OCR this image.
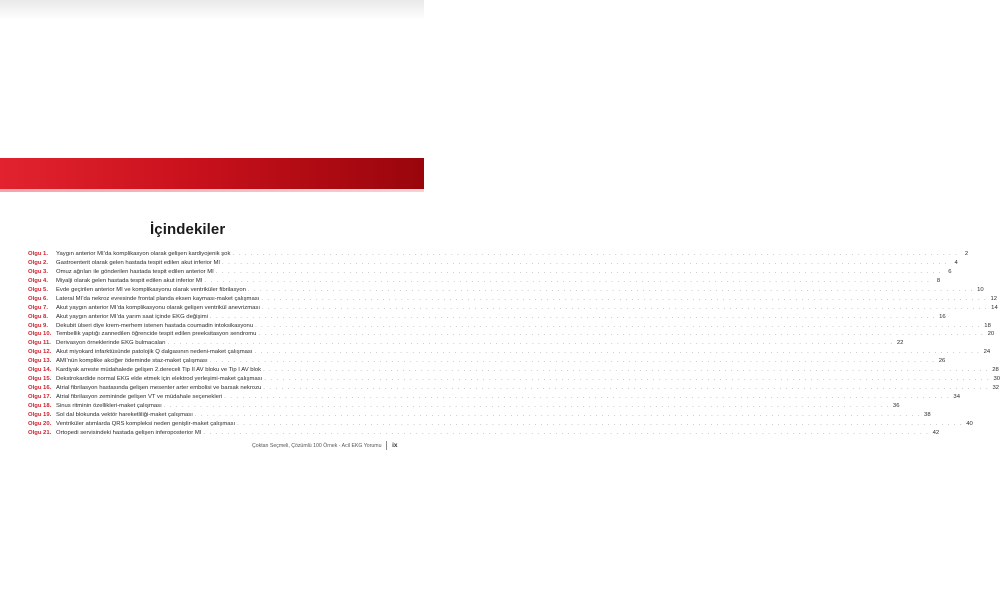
İçindekiler
Olgu 1.	Yaygın anterior MI’da komplikasyon olarak gelişen kardiyojenik şok . . . . . . . . . . . . . . . . . . . . . . . . . . . . . . . . . . . . . . . . . . . . . . . . . . . . . . . . . . . . . . . . . . . . . . . . . . . . . . . . . . . . . . . . . . . . . . . . . . . . . . . . . . . . . . . . . . . . . . . .	2
Olgu 2.	Gastroenterit olarak gelen hastada tespit edilen akut inferior MI . . . . . . . . . . . . . . . . . . . . . . . . . . . . . . . . . . . . . . . . . . . . . . . . . . . . . . . . . . . . . . . . . . . . . . . . . . . . . . . . . . . . . . . . . . . . . . . . . . . . . . . . . . . . . . . . . . . . . . . .	4
Olgu 3.	Omuz ağrıları ile gönderilen hastada tespit edilen anterior MI . . . . . . . . . . . . . . . . . . . . . . . . . . . . . . . . . . . . . . . . . . . . . . . . . . . . . . . . . . . . . . . . . . . . . . . . . . . . . . . . . . . . . . . . . . . . . . . . . . . . . . . . . . . . . . . . . . . . . . . .	6
Olgu 4.	Miyalji olarak gelen hastada tespit edilen akut inferior MI . . . . . . . . . . . . . . . . . . . . . . . . . . . . . . . . . . . . . . . . . . . . . . . . . . . . . . . . . . . . . . . . . . . . . . . . . . . . . . . . . . . . . . . . . . . . . . . . . . . . . . . . . . . . . . . . . . . . . . . .	8
Olgu 5.	Evde geçirilen anterior MI ve komplikasyonu olarak ventriküler fibrilasyon . . . . . . . . . . . . . . . . . . . . . . . . . . . . . . . . . . . . . . . . . . . . . . . . . . . . . . . . . . . . . . . . . . . . . . . . . . . . . . . . . . . . . . . . . . . . . . . . . . . . . . . . . . . . . . . . . . . . . . . . 10
Olgu 6.	Lateral MI’da nekroz evresinde frontal planda eksen kayması-maket çalışması . . . . . . . . . . . . . . . . . . . . . . . . . . . . . . . . . . . . . . . . . . . . . . . . . . . . . . . . . . . . . . . . . . . . . . . . . . . . . . . . . . . . . . . . . . . . . . . . . . . . . . . . . . . . . . . . . . . . . . . . 12
Olgu 7.	Akut yaygın anterior MI’da komplikasyonu olarak gelişen ventrikül anevrizması . . . . . . . . . . . . . . . . . . . . . . . . . . . . . . . . . . . . . . . . . . . . . . . . . . . . . . . . . . . . . . . . . . . . . . . . . . . . . . . . . . . . . . . . . . . . . . . . . . . . . . . . . . . . . . . . . . . . . . . . 14
Olgu 8.	Akut yaygın anterior MI’da yarım saat içinde EKG değişimi . . . . . . . . . . . . . . . . . . . . . . . . . . . . . . . . . . . . . . . . . . . . . . . . . . . . . . . . . . . . . . . . . . . . . . . . . . . . . . . . . . . . . . . . . . . . . . . . . . . . . . . . . . . . . . . . . . . . . . . . 16
Olgu 9.	Dekubit ülseri diye krem-merhem istenen hastada coumadin intoksikasyonu . . . . . . . . . . . . . . . . . . . . . . . . . . . . . . . . . . . . . . . . . . . . . . . . . . . . . . . . . . . . . . . . . . . . . . . . . . . . . . . . . . . . . . . . . . . . . . . . . . . . . . . . . . . . . . . . . . . . . . . . 18
Olgu 10. Tembellik yaptığı zannedilen öğrencide tespit edilen preeksitasyon sendromu . . . . . . . . . . . . . . . . . . . . . . . . . . . . . . . . . . . . . . . . . . . . . . . . . . . . . . . . . . . . . . . . . . . . . . . . . . . . . . . . . . . . . . . . . . . . . . . . . . . . . . . . . . . . . . . . . . . . . . . . 20
Olgu 11. Derivasyon örneklerinde EKG bulmacaları . . . . . . . . . . . . . . . . . . . . . . . . . . . . . . . . . . . . . . . . . . . . . . . . . . . . . . . . . . . . . . . . . . . . . . . . . . . . . . . . . . . . . . . . . . . . . . . . . . . . . . . . . . . . . . . . . . . . . . . . 22
Olgu 12. Akut miyokard infarktüsünde patolojik Q dalgasının nedeni-maket çalışması . . . . . . . . . . . . . . . . . . . . . . . . . . . . . . . . . . . . . . . . . . . . . . . . . . . . . . . . . . . . . . . . . . . . . . . . . . . . . . . . . . . . . . . . . . . . . . . . . . . . . . . . . . . . . . . . . . . . . . . . 24
Olgu 13. AMI’nün komplike akciğer ödeminde staz-maket çalışması . . . . . . . . . . . . . . . . . . . . . . . . . . . . . . . . . . . . . . . . . . . . . . . . . . . . . . . . . . . . . . . . . . . . . . . . . . . . . . . . . . . . . . . . . . . . . . . . . . . . . . . . . . . . . . . . . . . . . . . . 26
Olgu 14. Kardiyak arreste müdahalede gelişen 2.dereceli Tip II AV bloku ve Tip I AV blok . . . . . . . . . . . . . . . . . . . . . . . . . . . . . . . . . . . . . . . . . . . . . . . . . . . . . . . . . . . . . . . . . . . . . . . . . . . . . . . . . . . . . . . . . . . . . . . . . . . . . . . . . . . . . . . . . . . . . . . . 28
Olgu 15. Dekstrokardide normal EKG elde etmek için elektrod yerleşimi-maket çalışması . . . . . . . . . . . . . . . . . . . . . . . . . . . . . . . . . . . . . . . . . . . . . . . . . . . . . . . . . . . . . . . . . . . . . . . . . . . . . . . . . . . . . . . . . . . . . . . . . . . . . . . . . . . . . . . . . . . . . . . . 30
Olgu 16. Atrial fibrilasyon hastasında gelişen mesenter arter embolisi ve barsak nekrozu . . . . . . . . . . . . . . . . . . . . . . . . . . . . . . . . . . . . . . . . . . . . . . . . . . . . . . . . . . . . . . . . . . . . . . . . . . . . . . . . . . . . . . . . . . . . . . . . . . . . . . . . . . . . . . . . . . . . . . . . 32
Olgu 17. Atrial fibrilasyon zemininde gelişen VT ve müdahale seçenekleri . . . . . . . . . . . . . . . . . . . . . . . . . . . . . . . . . . . . . . . . . . . . . . . . . . . . . . . . . . . . . . . . . . . . . . . . . . . . . . . . . . . . . . . . . . . . . . . . . . . . . . . . . . . . . . . . . . . . . . . . 34
Olgu 18. Sinus ritminin özellikleri-maket çalışması . . . . . . . . . . . . . . . . . . . . . . . . . . . . . . . . . . . . . . . . . . . . . . . . . . . . . . . . . . . . . . . . . . . . . . . . . . . . . . . . . . . . . . . . . . . . . . . . . . . . . . . . . . . . . . . . . . . . . . . . 36
Olgu 19. Sol dal blokunda vektör hareketliliği-maket çalışması . . . . . . . . . . . . . . . . . . . . . . . . . . . . . . . . . . . . . . . . . . . . . . . . . . . . . . . . . . . . . . . . . . . . . . . . . . . . . . . . . . . . . . . . . . . . . . . . . . . . . . . . . . . . . . . . . . . . . . . . 38
Olgu 20. Ventriküler atımlarda QRS kompleksi neden genişlir-maket çalışması . . . . . . . . . . . . . . . . . . . . . . . . . . . . . . . . . . . . . . . . . . . . . . . . . . . . . . . . . . . . . . . . . . . . . . . . . . . . . . . . . . . . . . . . . . . . . . . . . . . . . . . . . . . . . . . . . . . . . . . . 40
Olgu 21. Ortopedi servisindeki hastada gelişen inferoposterior MI . . . . . . . . . . . . . . . . . . . . . . . . . . . . . . . . . . . . . . . . . . . . . . . . . . . . . . . . . . . . . . . . . . . . . . . . . . . . . . . . . . . . . . . . . . . . . . . . . . . . . . . . . . . . . . . . . . . . . . . . 42
Çoktan Seçmeli, Çözümlü 100 Örnek - Acil EKG Yorumu ix
